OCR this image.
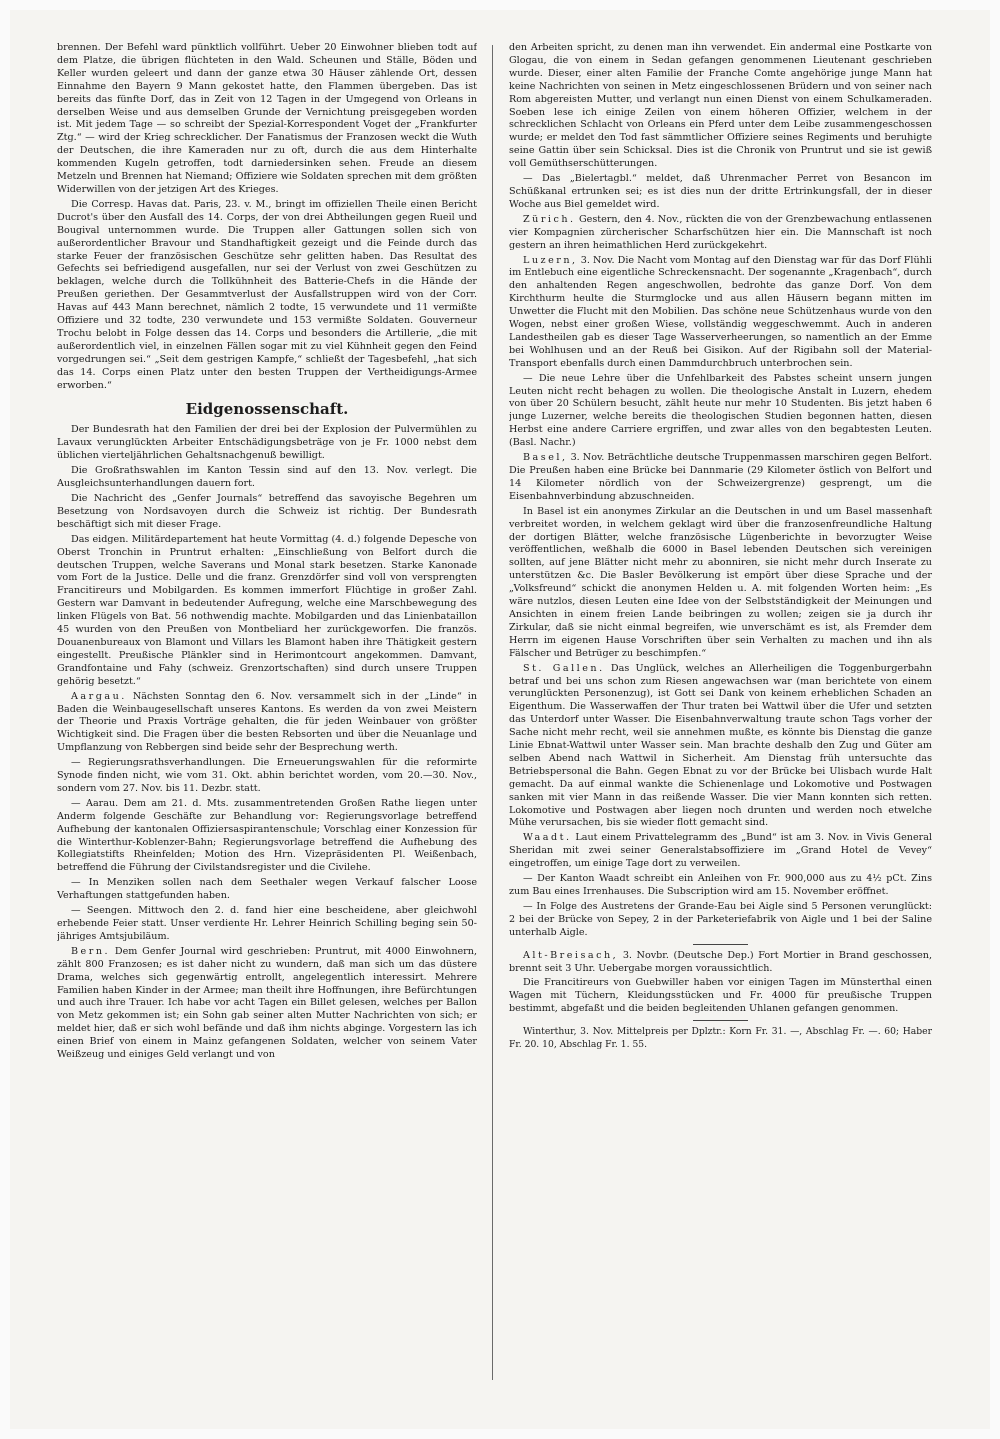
brennen. Der Befehl ward pünktlich vollführt. Ueber 20 Einwohner blieben todt auf dem Platze, die übrigen flüchteten in den Wald. Scheunen und Ställe, Böden und Keller wurden geleert und dann der ganze etwa 30 Häuser zählende Ort, dessen Einnahme den Bayern 9 Mann gekostet hatte, den Flammen übergeben. Das ist bereits das fünfte Dorf, das in Zeit von 12 Tagen in der Umgegend von Orleans in derselben Weise und aus demselben Grunde der Vernichtung preisgegeben worden ist. Mit jedem Tage — so schreibt der Spezial-Korrespondent Voget der „Frankfurter Ztg.“ — wird der Krieg schrecklicher. Der Fanatismus der Franzosen weckt die Wuth der Deutschen, die ihre Kameraden nur zu oft, durch die aus dem Hinterhalte kommenden Kugeln getroffen, todt darniedersinken sehen. Freude an diesem Metzeln und Brennen hat Niemand; Offiziere wie Soldaten sprechen mit dem größten Widerwillen von der jetzigen Art des Krieges.

Die Corresp. Havas dat. Paris, 23. v. M., bringt im offiziellen Theile einen Bericht Ducrot's über den Ausfall des 14. Corps, der von drei Abtheilungen gegen Rueil und Bougival unternommen wurde. Die Truppen aller Gattungen sollen sich von außerordentlicher Bravour und Standhaftigkeit gezeigt und die Feinde durch das starke Feuer der französischen Geschütze sehr gelitten haben. Das Resultat des Gefechts sei befriedigend ausgefallen, nur sei der Verlust von zwei Geschützen zu beklagen, welche durch die Tollkühnheit des Batterie-Chefs in die Hände der Preußen geriethen. Der Gesammtverlust der Ausfallstruppen wird von der Corr. Havas auf 443 Mann berechnet, nämlich 2 todte, 15 verwundete und 11 vermißte Offiziere und 32 todte, 230 verwundete und 153 vermißte Soldaten. Gouverneur Trochu belobt in Folge dessen das 14. Corps und besonders die Artillerie, „die mit außerordentlich viel, in einzelnen Fällen sogar mit zu viel Kühnheit gegen den Feind vorgedrungen sei.“ „Seit dem gestrigen Kampfe,“ schließt der Tagesbefehl, „hat sich das 14. Corps einen Platz unter den besten Truppen der Vertheidigungs-Armee erworben.“

Eidgenossenschaft.

Der Bundesrath hat den Familien der drei bei der Explosion der Pulvermühlen zu Lavaux verunglückten Arbeiter Entschädigungsbeträge von je Fr. 1000 nebst dem üblichen vierteljährlichen Gehaltsnachgenuß bewilligt.

Die Großrathswahlen im Kanton Tessin sind auf den 13. Nov. verlegt. Die Ausgleichsunterhandlungen dauern fort.

Die Nachricht des „Genfer Journals“ betreffend das savoyische Begehren um Besetzung von Nordsavoyen durch die Schweiz ist richtig. Der Bundesrath beschäftigt sich mit dieser Frage.

Das eidgen. Militärdepartement hat heute Vormittag (4. d.) folgende Depesche von Oberst Tronchin in Pruntrut erhalten: „Einschließung von Belfort durch die deutschen Truppen, welche Saverans und Monal stark besetzen. Starke Kanonade vom Fort de la Justice. Delle und die franz. Grenzdörfer sind voll von versprengten Francitireurs und Mobilgarden. Es kommen immerfort Flüchtige in großer Zahl. Gestern war Damvant in bedeutender Aufregung, welche eine Marschbewegung des linken Flügels von Bat. 56 nothwendig machte. Mobilgarden und das Linienbataillon 45 wurden von den Preußen von Montbeliard her zurückgeworfen. Die französ. Douanenbureaux von Blamont und Villars les Blamont haben ihre Thätigkeit gestern eingestellt. Preußische Plänkler sind in Herimontcourt angekommen. Damvant, Grandfontaine und Fahy (schweiz. Grenzortschaften) sind durch unsere Truppen gehörig besetzt.“

Aargau. Nächsten Sonntag den 6. Nov. versammelt sich in der „Linde“ in Baden die Weinbaugesellschaft unseres Kantons. Es werden da von zwei Meistern der Theorie und Praxis Vorträge gehalten, die für jeden Weinbauer von größter Wichtigkeit sind. Die Fragen über die besten Rebsorten und über die Neuanlage und Umpflanzung von Rebbergen sind beide sehr der Besprechung werth.

— Regierungsrathsverhandlungen. Die Erneuerungswahlen für die reformirte Synode finden nicht, wie vom 31. Okt. abhin berichtet worden, vom 20.—30. Nov., sondern vom 27. Nov. bis 11. Dezbr. statt.

— Aarau. Dem am 21. d. Mts. zusammentretenden Großen Rathe liegen unter Anderm folgende Geschäfte zur Behandlung vor: Regierungsvorlage betreffend Aufhebung der kantonalen Offiziersaspirantenschule; Vorschlag einer Konzession für die Winterthur-Koblenzer-Bahn; Regierungsvorlage betreffend die Aufhebung des Kollegiatstifts Rheinfelden; Motion des Hrn. Vizepräsidenten Pl. Weißenbach, betreffend die Führung der Civilstandsregister und die Civilehe.

— In Menziken sollen nach dem Seethaler wegen Verkauf falscher Loose Verhaftungen stattgefunden haben.

— Seengen. Mittwoch den 2. d. fand hier eine bescheidene, aber gleichwohl erhebende Feier statt. Unser verdiente Hr. Lehrer Heinrich Schilling beging sein 50-jähriges Amtsjubiläum.

Bern. Dem Genfer Journal wird geschrieben: Pruntrut, mit 4000 Einwohnern, zählt 800 Franzosen; es ist daher nicht zu wundern, daß man sich um das düstere Drama, welches sich gegenwärtig entrollt, angelegentlich interessirt. Mehrere Familien haben Kinder in der Armee; man theilt ihre Hoffnungen, ihre Befürchtungen und auch ihre Trauer. Ich habe vor acht Tagen ein Billet gelesen, welches per Ballon von Metz gekommen ist; ein Sohn gab seiner alten Mutter Nachrichten von sich; er meldet hier, daß er sich wohl befände und daß ihm nichts abginge. Vorgestern las ich einen Brief von einem in Mainz gefangenen Soldaten, welcher von seinem Vater Weißzeug und einiges Geld verlangt und von

den Arbeiten spricht, zu denen man ihn verwendet. Ein andermal eine Postkarte von Glogau, die von einem in Sedan gefangen genommenen Lieutenant geschrieben wurde. Dieser, einer alten Familie der Franche Comte angehörige junge Mann hat keine Nachrichten von seinen in Metz eingeschlossenen Brüdern und von seiner nach Rom abgereisten Mutter, und verlangt nun einen Dienst von einem Schulkameraden. Soeben lese ich einige Zeilen von einem höheren Offizier, welchem in der schrecklichen Schlacht von Orleans ein Pferd unter dem Leibe zusammengeschossen wurde; er meldet den Tod fast sämmtlicher Offiziere seines Regiments und beruhigte seine Gattin über sein Schicksal. Dies ist die Chronik von Pruntrut und sie ist gewiß voll Gemüthserschütterungen.

— Das „Bielertagbl.“ meldet, daß Uhrenmacher Perret von Besancon im Schüßkanal ertrunken sei; es ist dies nun der dritte Ertrinkungsfall, der in dieser Woche aus Biel gemeldet wird.

Zürich. Gestern, den 4. Nov., rückten die von der Grenzbewachung entlassenen vier Kompagnien zürcherischer Scharfschützen hier ein. Die Mannschaft ist noch gestern an ihren heimathlichen Herd zurückgekehrt.

Luzern, 3. Nov. Die Nacht vom Montag auf den Dienstag war für das Dorf Flühli im Entlebuch eine eigentliche Schreckensnacht. Der sogenannte „Kragenbach“, durch den anhaltenden Regen angeschwollen, bedrohte das ganze Dorf. Von dem Kirchthurm heulte die Sturmglocke und aus allen Häusern begann mitten im Unwetter die Flucht mit den Mobilien. Das schöne neue Schützenhaus wurde von den Wogen, nebst einer großen Wiese, vollständig weggeschwemmt. Auch in anderen Landestheilen gab es dieser Tage Wasserverheerungen, so namentlich an der Emme bei Wohlhusen und an der Reuß bei Gisikon. Auf der Rigibahn soll der Material-Transport ebenfalls durch einen Dammdurchbruch unterbrochen sein.

— Die neue Lehre über die Unfehlbarkeit des Pabstes scheint unsern jungen Leuten nicht recht behagen zu wollen. Die theologische Anstalt in Luzern, ehedem von über 20 Schülern besucht, zählt heute nur mehr 10 Studenten. Bis jetzt haben 6 junge Luzerner, welche bereits die theologischen Studien begonnen hatten, diesen Herbst eine andere Carriere ergriffen, und zwar alles von den begabtesten Leuten. (Basl. Nachr.)

Basel, 3. Nov. Beträchtliche deutsche Truppenmassen marschiren gegen Belfort. Die Preußen haben eine Brücke bei Dannmarie (29 Kilometer östlich von Belfort und 14 Kilometer nördlich von der Schweizergrenze) gesprengt, um die Eisenbahnverbindung abzuschneiden.

In Basel ist ein anonymes Zirkular an die Deutschen in und um Basel massenhaft verbreitet worden, in welchem geklagt wird über die franzosenfreundliche Haltung der dortigen Blätter, welche französische Lügenberichte in bevorzugter Weise veröffentlichen, weßhalb die 6000 in Basel lebenden Deutschen sich vereinigen sollten, auf jene Blätter nicht mehr zu abonniren, sie nicht mehr durch Inserate zu unterstützen &c. Die Basler Bevölkerung ist empört über diese Sprache und der „Volksfreund“ schickt die anonymen Helden u. A. mit folgenden Worten heim: „Es wäre nutzlos, diesen Leuten eine Idee von der Selbstständigkeit der Meinungen und Ansichten in einem freien Lande beibringen zu wollen; zeigen sie ja durch ihr Zirkular, daß sie nicht einmal begreifen, wie unverschämt es ist, als Fremder dem Herrn im eigenen Hause Vorschriften über sein Verhalten zu machen und ihn als Fälscher und Betrüger zu beschimpfen.“

St. Gallen. Das Unglück, welches an Allerheiligen die Toggenburgerbahn betraf und bei uns schon zum Riesen angewachsen war (man berichtete von einem verunglückten Personenzug), ist Gott sei Dank von keinem erheblichen Schaden an Eigenthum. Die Wasserwaffen der Thur traten bei Wattwil über die Ufer und setzten das Unterdorf unter Wasser. Die Eisenbahnverwaltung traute schon Tags vorher der Sache nicht mehr recht, weil sie annehmen mußte, es könnte bis Dienstag die ganze Linie Ebnat-Wattwil unter Wasser sein. Man brachte deshalb den Zug und Güter am selben Abend nach Wattwil in Sicherheit. Am Dienstag früh untersuchte das Betriebspersonal die Bahn. Gegen Ebnat zu vor der Brücke bei Ulisbach wurde Halt gemacht. Da auf einmal wankte die Schienenlage und Lokomotive und Postwagen sanken mit vier Mann in das reißende Wasser. Die vier Mann konnten sich retten. Lokomotive und Postwagen aber liegen noch drunten und werden noch etwelche Mühe verursachen, bis sie wieder flott gemacht sind.

Waadt. Laut einem Privattelegramm des „Bund“ ist am 3. Nov. in Vivis General Sheridan mit zwei seiner Generalstabsoffiziere im „Grand Hotel de Vevey“ eingetroffen, um einige Tage dort zu verweilen.

— Der Kanton Waadt schreibt ein Anleihen von Fr. 900,000 aus zu 4½ pCt. Zins zum Bau eines Irrenhauses. Die Subscription wird am 15. November eröffnet.

— In Folge des Austretens der Grande-Eau bei Aigle sind 5 Personen verunglückt: 2 bei der Brücke von Sepey, 2 in der Parketeriefabrik von Aigle und 1 bei der Saline unterhalb Aigle.

Alt-Breisach, 3. Novbr. (Deutsche Dep.) Fort Mortier in Brand geschossen, brennt seit 3 Uhr. Uebergabe morgen voraussichtlich.

Die Francitireurs von Guebwiller haben vor einigen Tagen im Münsterthal einen Wagen mit Tüchern, Kleidungsstücken und Fr. 4000 für preußische Truppen bestimmt, abgefaßt und die beiden begleitenden Uhlanen gefangen genommen.

Winterthur, 3. Nov. Mittelpreis per Dplztr.: Korn Fr. 31. —, Abschlag Fr. —. 60; Haber Fr. 20. 10, Abschlag Fr. 1. 55.
